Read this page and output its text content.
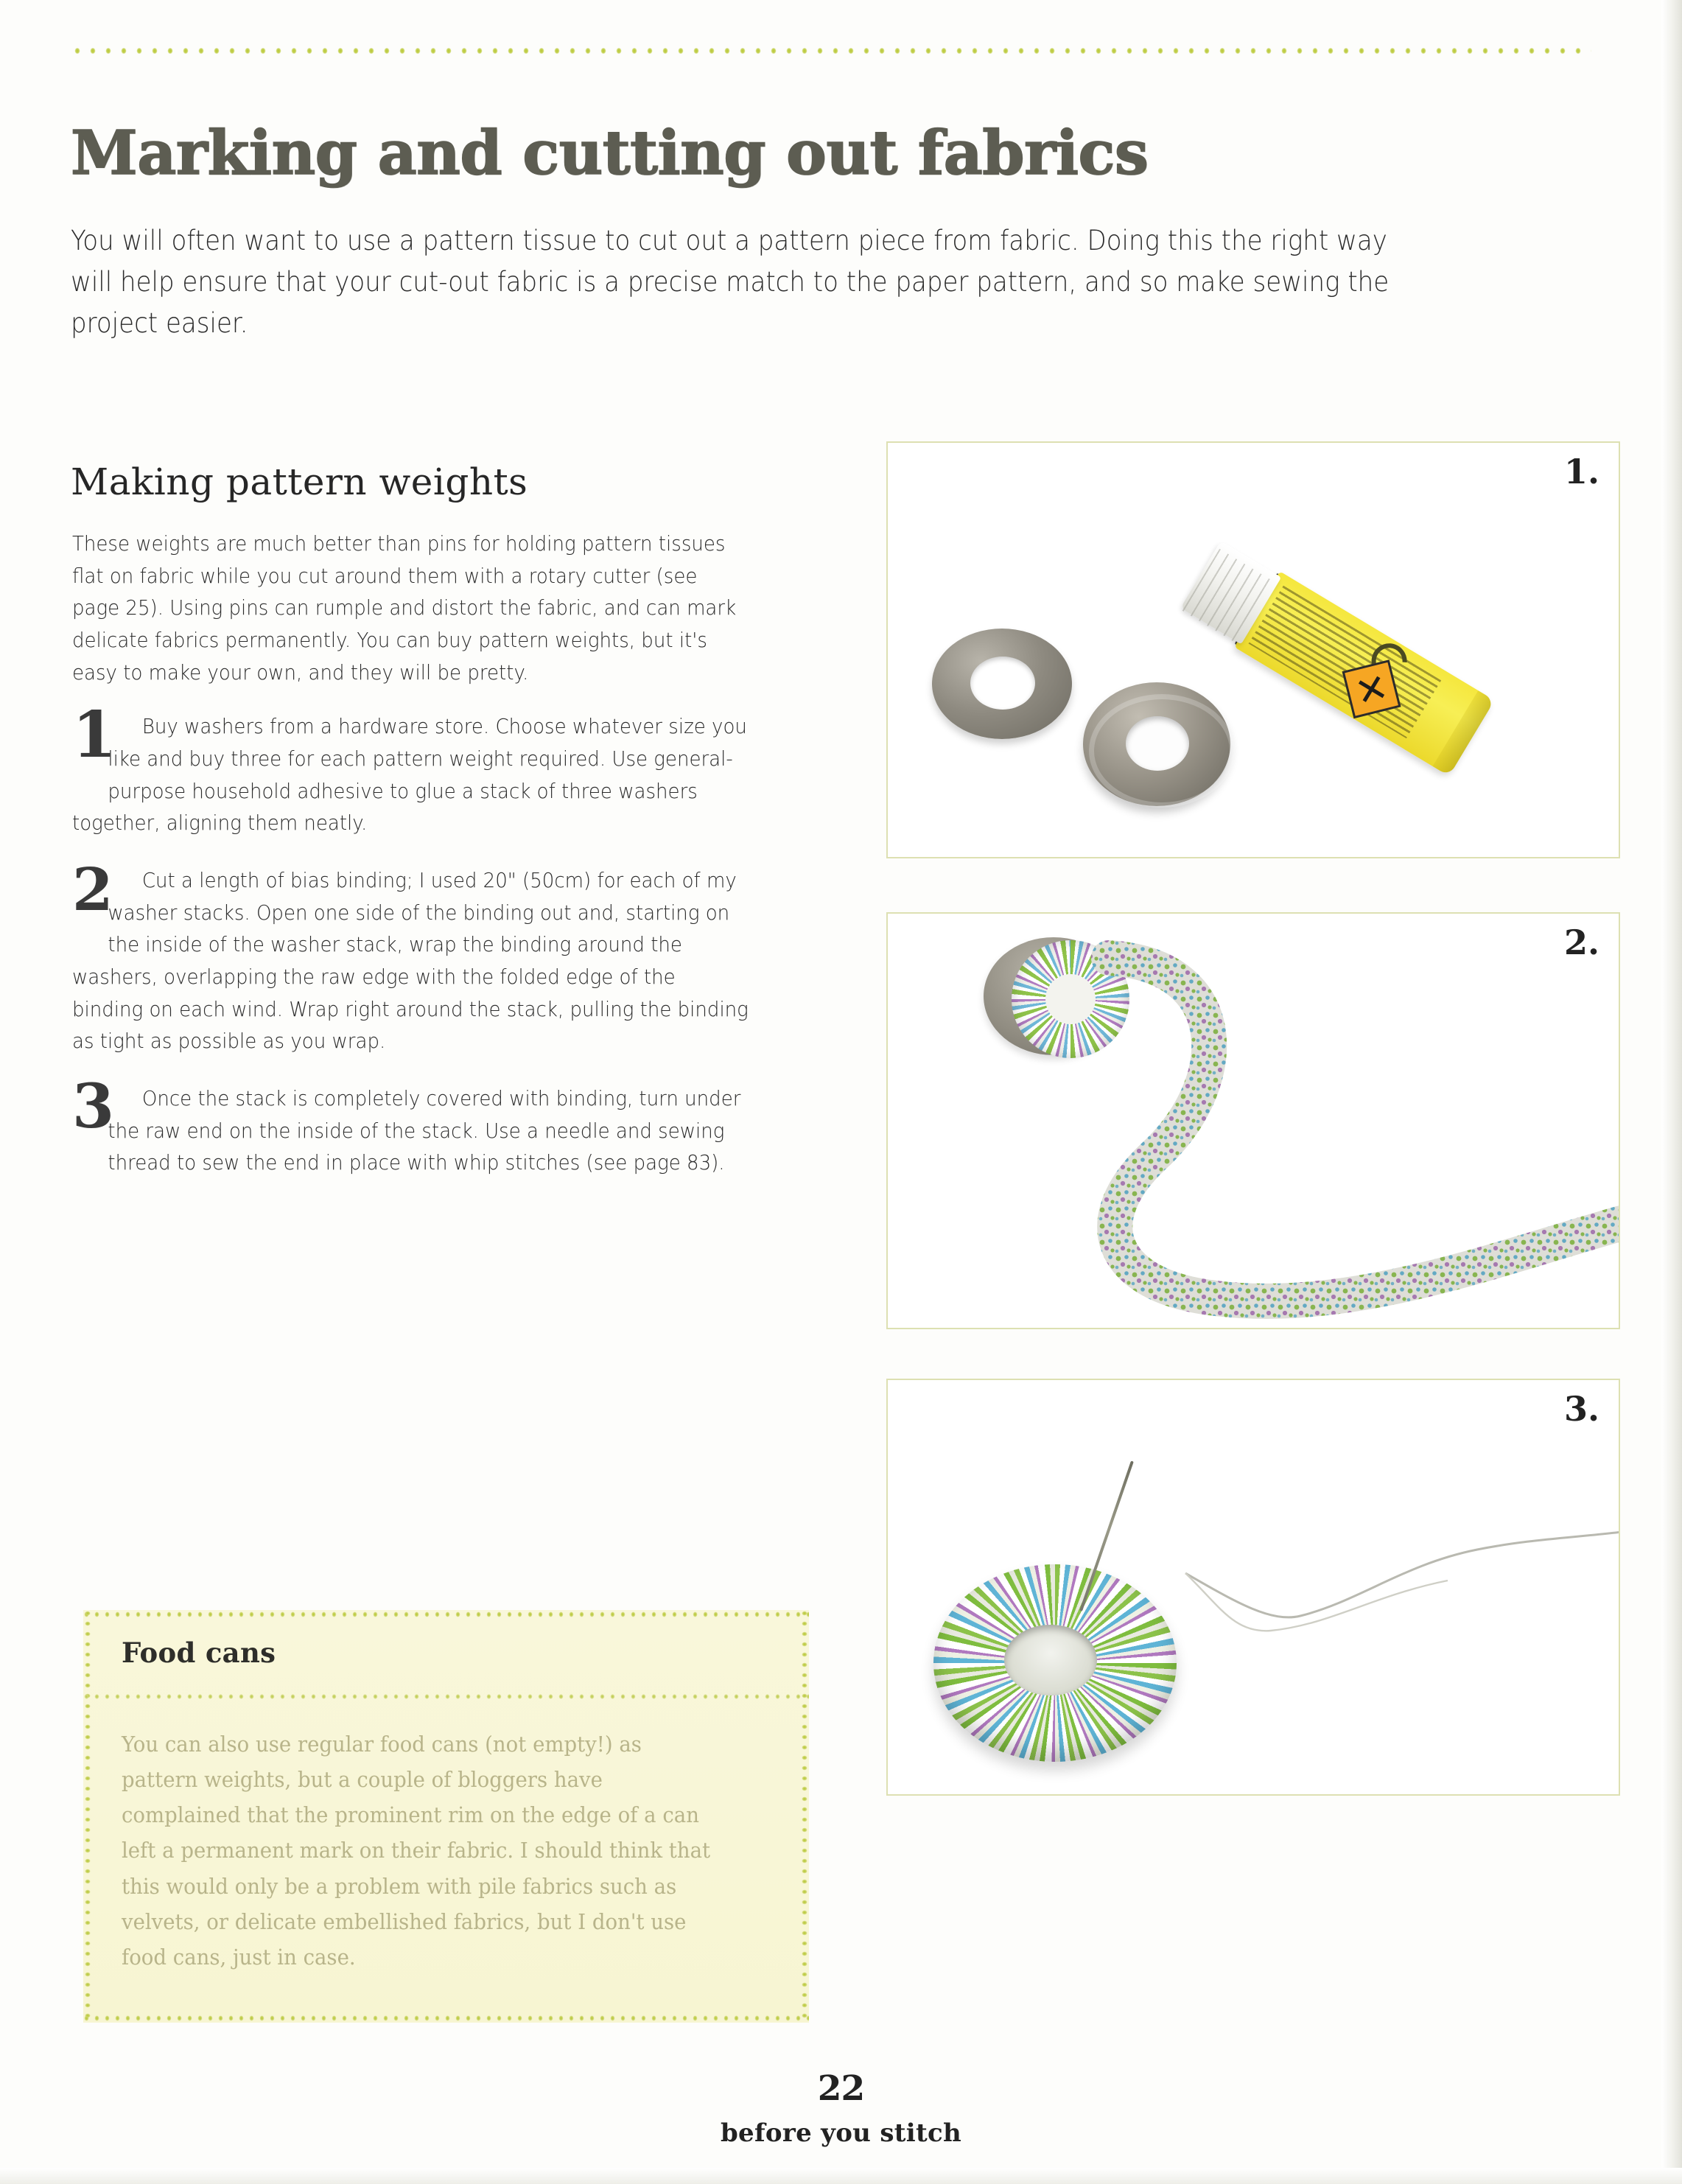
Marking and cutting out fabrics

You will often want to use a pattern tissue to cut out a pattern piece from fabric. Doing this the right way will help ensure that your cut-out fabric is a precise match to the paper pattern, and so make sewing the project easier.

Making pattern weights

These weights are much better than pins for holding pattern tissues flat on fabric while you cut around them with a rotary cutter (see page 25). Using pins can rumple and distort the fabric, and can mark delicate fabrics permanently. You can buy pattern weights, but it's easy to make your own, and they will be pretty.

1	Buy washers from a hardware store. Choose whatever size you like and buy three for each pattern weight required. Use general-purpose household adhesive to glue a stack of three washers together, aligning them neatly.
2	Cut a length of bias binding; I used 20" (50cm) for each of my washer stacks. Open one side of the binding out and, starting on the inside of the washer stack, wrap the binding around the washers, overlapping the raw edge with the folded edge of the binding on each wind. Wrap right around the stack, pulling the binding as tight as possible as you wrap.
3	Once the stack is completely covered with binding, turn under the raw end on the inside of the stack. Use a needle and sewing thread to sew the end in place with whip stitches (see page 83).
Food cans
You can also use regular food cans (not empty!) as pattern weights, but a couple of bloggers have complained that the prominent rim on the edge of a can left a permanent mark on their fabric. I should think that this would only be a problem with pile fabrics such as velvets, or delicate embellished fabrics, but I don't use food cans, just in case.
1.
2.
3.
22
before you stitch
